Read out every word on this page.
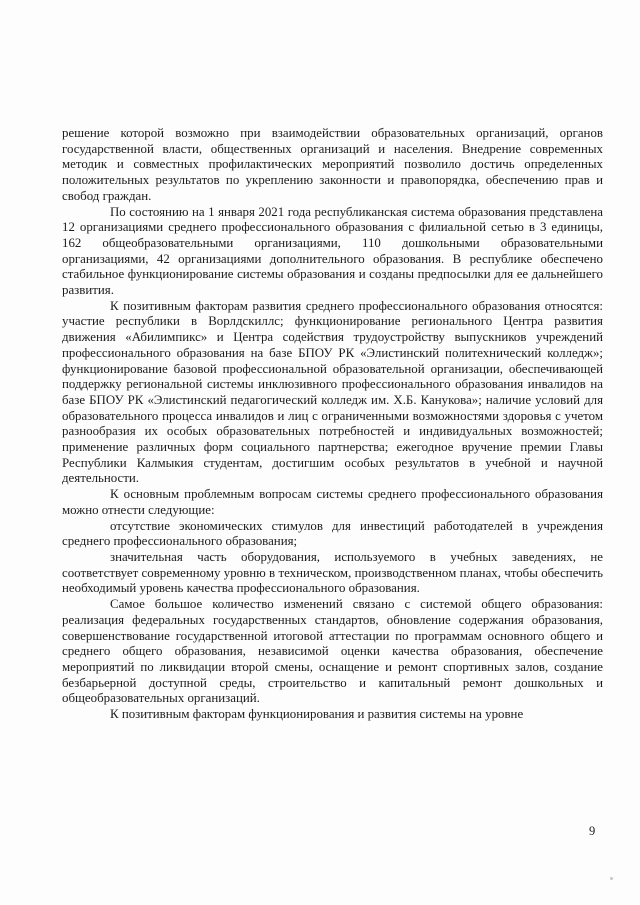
решение которой возможно при взаимодействии образовательных организаций, органов государственной власти, общественных организаций и населения. Внедрение современных методик и совместных профилактических мероприятий позволило достичь определенных положительных результатов по укреплению законности и правопорядка, обеспечению прав и свобод граждан.

По состоянию на 1 января 2021 года республиканская система образования представлена 12 организациями среднего профессионального образования с филиальной сетью в 3 единицы, 162 общеобразовательными организациями, 110 дошкольными образовательными организациями, 42 организациями дополнительного образования. В республике обеспечено стабильное функционирование системы образования и созданы предпосылки для ее дальнейшего развития.

К позитивным факторам развития среднего профессионального образования относятся: участие республики в Ворлдскиллс; функционирование регионального Центра развития движения «Абилимпикс» и Центра содействия трудоустройству выпускников учреждений профессионального образования на базе БПОУ РК «Элистинский политехнический колледж»; функционирование базовой профессиональной образовательной организации, обеспечивающей поддержку региональной системы инклюзивного профессионального образования инвалидов на базе БПОУ РК «Элистинский педагогический колледж им. Х.Б. Канукова»; наличие условий для образовательного процесса инвалидов и лиц с ограниченными возможностями здоровья с учетом разнообразия их особых образовательных потребностей и индивидуальных возможностей; применение различных форм социального партнерства; ежегодное вручение премии Главы Республики Калмыкия студентам, достигшим особых результатов в учебной и научной деятельности.

К основным проблемным вопросам системы среднего профессионального образования можно отнести следующие:

отсутствие экономических стимулов для инвестиций работодателей в учреждения среднего профессионального образования;

значительная часть оборудования, используемого в учебных заведениях, не соответствует современному уровню в техническом, производственном планах, чтобы обеспечить необходимый уровень качества профессионального образования.

Самое большое количество изменений связано с системой общего образования: реализация федеральных государственных стандартов, обновление содержания образования, совершенствование государственной итоговой аттестации по программам основного общего и среднего общего образования, независимой оценки качества образования, обеспечение мероприятий по ликвидации второй смены, оснащение и ремонт спортивных залов, создание безбарьерной доступной среды, строительство и капитальный ремонт дошкольных и общеобразовательных организаций.

К позитивным факторам функционирования и развития системы на уровне

9
